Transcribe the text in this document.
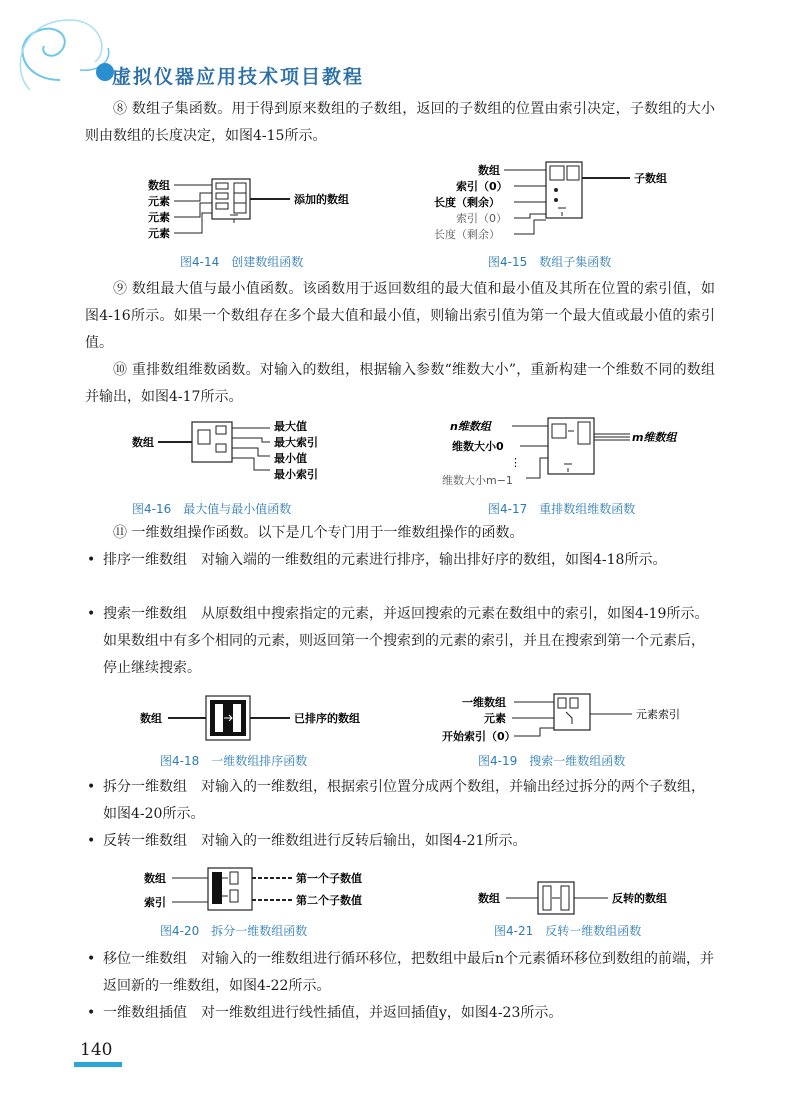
虚拟仪器应用技术项目教程

⑧ 数组子集函数。用于得到原来数组的子数组，返回的子数组的位置由索引决定，子数组的大小则由数组的长度决定，如图4-15所示。

数组
元素
元素
元素
添加的数组
图4-14　创建数组函数
数组
索引（0）
长度（剩余）
索引（0）
长度（剩余）
子数组
图4-15　数组子集函数

⑨ 数组最大值与最小值函数。该函数用于返回数组的最大值和最小值及其所在位置的索引值，如图4-16所示。如果一个数组存在多个最大值和最小值，则输出索引值为第一个最大值或最小值的索引值。

⑩ 重排数组维数函数。对输入的数组，根据输入参数“维数大小”，重新构建一个维数不同的数组并输出，如图4-17所示。

数组
最大值
最大索引
最小值
最小索引
图4-16　最大值与最小值函数
n维数组
维数大小0
⋮
维数大小m−1
m维数组
图4-17　重排数组维数函数

⑪ 一维数组操作函数。以下是几个专门用于一维数组操作的函数。

• 排序一维数组 对输入端的一维数组的元素进行排序，输出排好序的数组，如图4-18所示。
• 搜索一维数组 从原数组中搜索指定的元素，并返回搜索的元素在数组中的索引，如图4-19所示。如果数组中有多个相同的元素，则返回第一个搜索到的元素的索引，并且在搜索到第一个元素后，停止继续搜索。
数组	已排序的数组
图4-18　一维数组排序函数
一维数组
元素
开始索引（0）
元素索引
图4-19　搜索一维数组函数
• 拆分一维数组 对输入的一维数组，根据索引位置分成两个数组，并输出经过拆分的两个子数组，如图4-20所示。
• 反转一维数组 对输入的一维数组进行反转后输出，如图4-21所示。
数组
索引
第一个子数值
第二个子数值
图4-20　拆分一维数组函数
数组	反转的数组
图4-21　反转一维数组函数
• 移位一维数组 对输入的一维数组进行循环移位，把数组中最后n个元素循环移位到数组的前端，并返回新的一维数组，如图4-22所示。
• 一维数组插值 对一维数组进行线性插值，并返回插值y，如图4-23所示。
140
